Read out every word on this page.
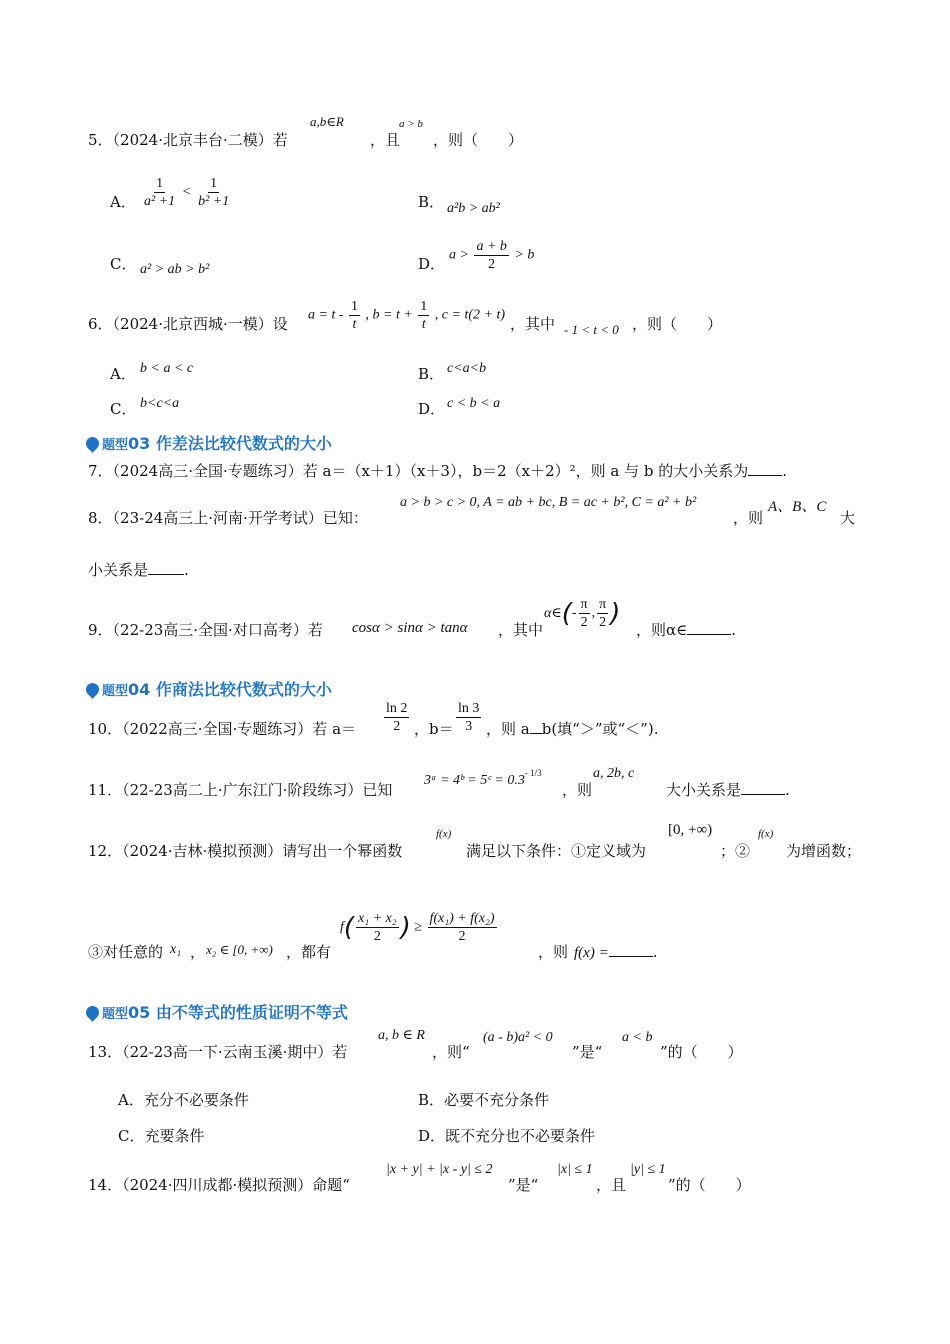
5．（2024·北京丰台·二模）若
a,b∈R
，且
a > b
，则（　　）
A． $\frac{1}{\text{a² +1}} < \frac{1}{\text{b² +1}}$	B． a²b > ab²
C． a² > ab > b²	D． $a > \frac{a + b}{2} > b$
6．（2024·北京西城·一模）设 $a = t - \frac{1}{t}$ , $b = t + \frac{1}{t}$ , c = t(2 + t) ，其中 - 1 < t < 0 ，则（　　）
A． b < a < c	B． c<a<b
C． b<c<a	D． c < b < a
题型03 作差法比较代数式的大小
7．（2024高三·全国·专题练习）若 a＝（x＋1）（x＋3），b＝2（x＋2）²，则 a 与 b 的大小关系为 .
8．（23-24高三上·河南·开学考试）已知：
a > b > c > 0, A = ab + bc, B = ac + b², C = a² + b²
，则
A、B、C
大
小关系是 .
9．（22-23高三·全国·对口高考）若 cosα > sinα > tanα ，其中
α∈(- $\frac{\pi}{2}$ , $\frac{\pi}{2}$ )
，则α∈	.
题型04 作商法比较代数式的大小
10．（2022高三·全国·专题练习）若 $a= \frac{\ln 2}{2}$ ，$b= \frac{\ln 3}{3}$ ，则 a b(填“＞”或“＜”).
11．（22-23高二上·广东江门·阶段练习）已知
3ᵃ = 4ᵇ = 5ᶜ = $0.3^{- 1/3}$
，则
a, 2b, c
大小关系是	.
12．（2024·吉林·模拟预测）请写出一个幂函数
f(x)
满足以下条件：①定义域为
[0, +∞)
；②
f(x)
为增函数；
③对任意的 x₁ ， x₂ ∈ [0, +∞) ，都有
$f( \frac{\text{x₁ + x₂}}{2}$ ) ≥ $\frac{\text{f(x₁) + f(x₂)}}{2}$
，则 f(x) =	.
题型05 由不等式的性质证明不等式
13．（22-23高一下·云南玉溪·期中）若
a, b ∈ R
，则“
(a - b)a² < 0
”是“
a < b
”的（　　）
A．充分不必要条件	B．必要不充分条件
C．充要条件	D．既不充分也不必要条件
14．（2024·四川成都·模拟预测）命题“
|x + y| + |x - y| ≤ 2
”是“
|x| ≤ 1
，且
|y| ≤ 1
”的（　　）
